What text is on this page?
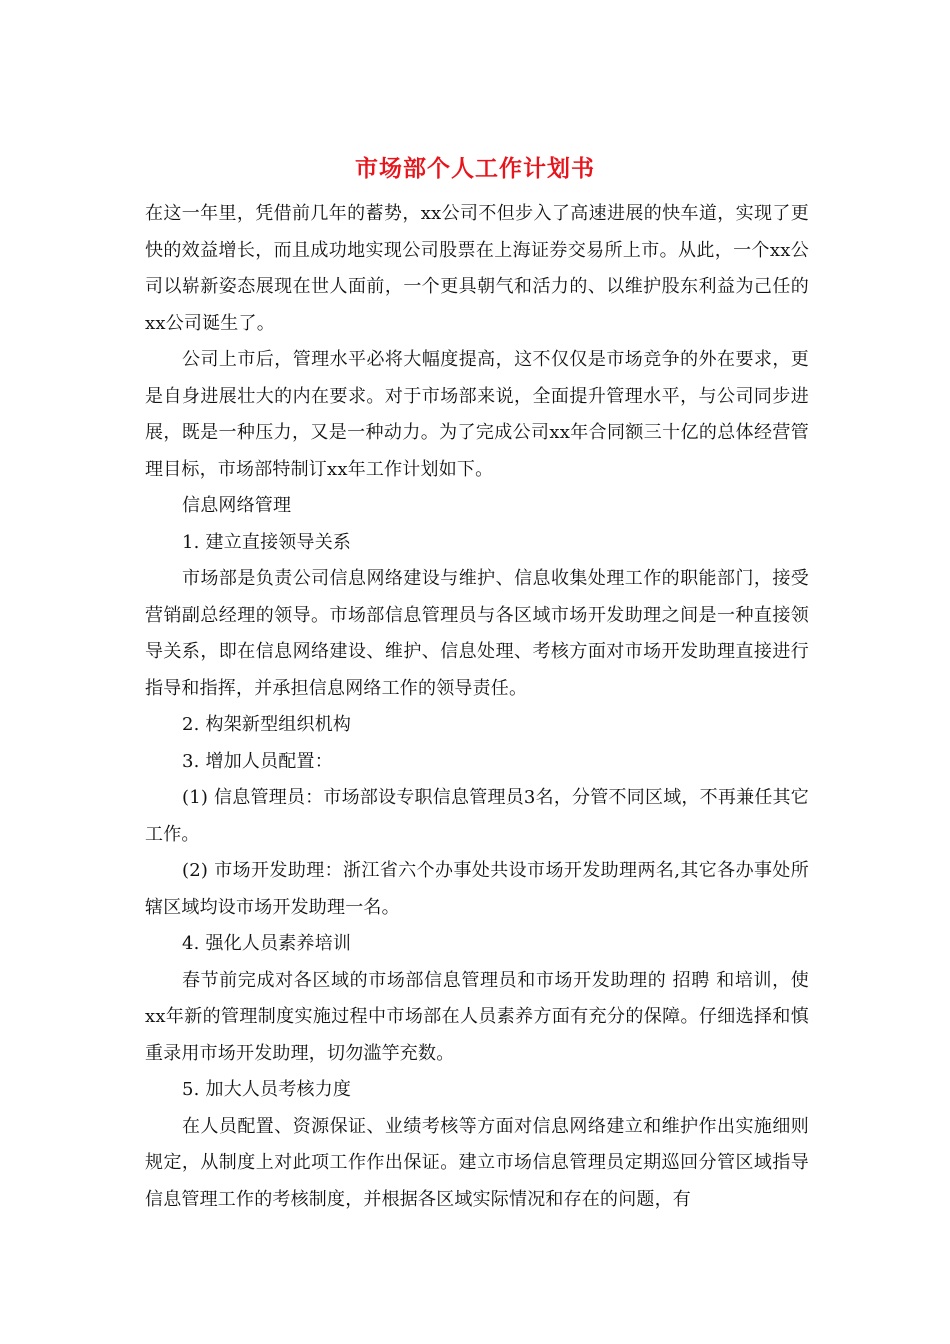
市场部个人工作计划书

在这一年里，凭借前几年的蓄势，xx公司不但步入了高速进展的快车道，实现了更快的效益增长，而且成功地实现公司股票在上海证券交易所上市。从此，一个xx公司以崭新姿态展现在世人面前，一个更具朝气和活力的、以维护股东利益为己任的xx公司诞生了。

公司上市后，管理水平必将大幅度提高，这不仅仅是市场竞争的外在要求，更是自身进展壮大的内在要求。对于市场部来说，全面提升管理水平，与公司同步进展，既是一种压力，又是一种动力。为了完成公司xx年合同额三十亿的总体经营管理目标，市场部特制订xx年工作计划如下。

信息网络管理

1. 建立直接领导关系

市场部是负责公司信息网络建设与维护、信息收集处理工作的职能部门，接受营销副总经理的领导。市场部信息管理员与各区域市场开发助理之间是一种直接领导关系，即在信息网络建设、维护、信息处理、考核方面对市场开发助理直接进行指导和指挥，并承担信息网络工作的领导责任。

2. 构架新型组织机构

3. 增加人员配置：

(1) 信息管理员：市场部设专职信息管理员3名，分管不同区域，不再兼任其它工作。

(2) 市场开发助理：浙江省六个办事处共设市场开发助理两名,其它各办事处所辖区域均设市场开发助理一名。

4. 强化人员素养培训

春节前完成对各区域的市场部信息管理员和市场开发助理的 招聘 和培训，使xx年新的管理制度实施过程中市场部在人员素养方面有充分的保障。仔细选择和慎重录用市场开发助理，切勿滥竽充数。

5. 加大人员考核力度

在人员配置、资源保证、业绩考核等方面对信息网络建立和维护作出实施细则规定，从制度上对此项工作作出保证。建立市场信息管理员定期巡回分管区域指导信息管理工作的考核制度，并根据各区域实际情况和存在的问题，有
